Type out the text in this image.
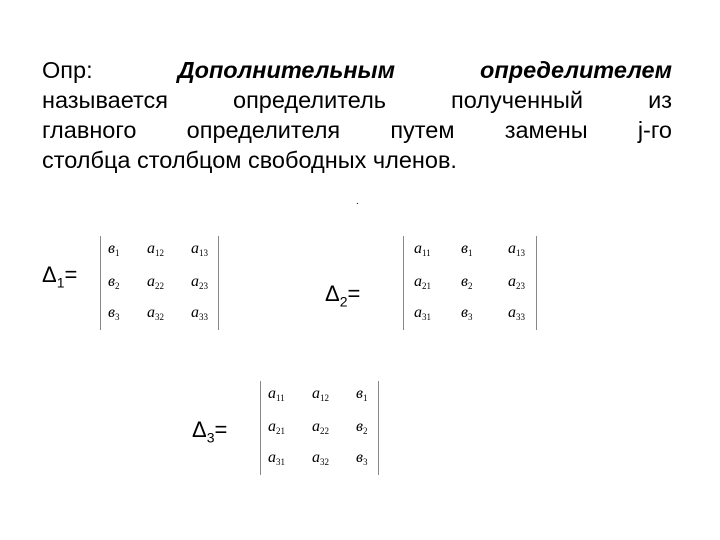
Опр:	Дополнительным	определителем
называется	определитель	полученный	из
главного определителя путем замены j-го
столбца столбцом свободных членов.
.
$\Delta_1=$
$в_1$ $a_{12}$ $a_{13}$
$в_2$ $a_{22}$ $a_{23}$
$в_3$ $a_{32}$ $a_{33}$
$\Delta_2=$
$a_{11}$ $в_1$ $a_{13}$
$a_{21}$ $в_2$ $a_{23}$
$a_{31}$ $в_3$ $a_{33}$
$\Delta_3=$
$a_{11}$ $a_{12}$ $в_1$
$a_{21}$ $a_{22}$ $в_2$
$a_{31}$ $a_{32}$ $в_3$
